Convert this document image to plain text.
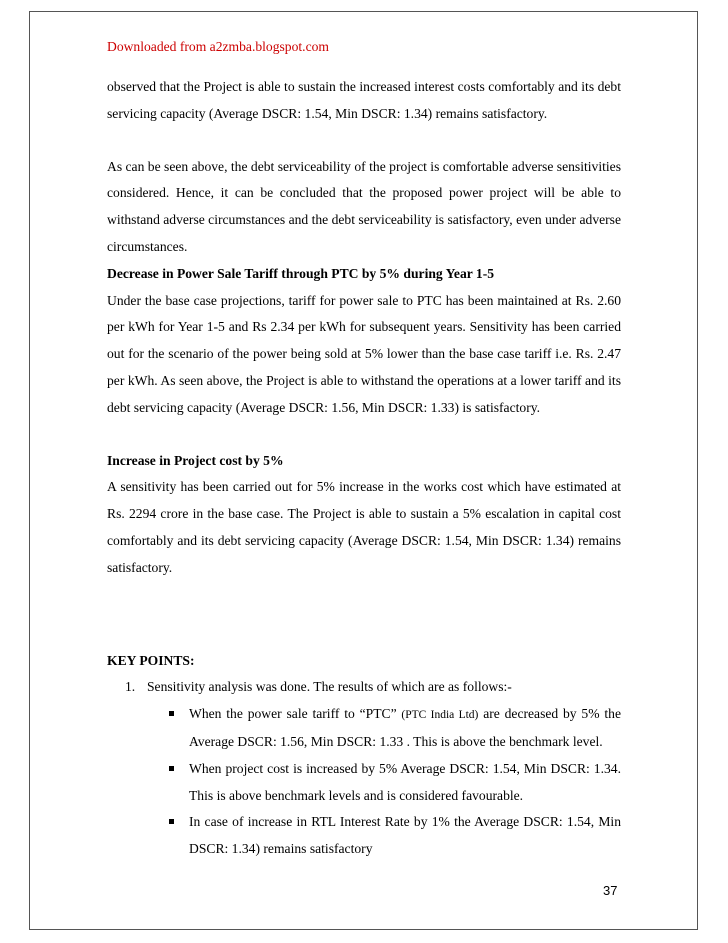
Downloaded from a2zmba.blogspot.com

observed that the Project is able to sustain the increased interest costs comfortably and its debt servicing capacity (Average DSCR: 1.54, Min DSCR: 1.34) remains satisfactory.

As can be seen above, the debt serviceability of the project is comfortable adverse sensitivities considered. Hence, it can be concluded that the proposed power project will be able to withstand adverse circumstances and the debt serviceability is satisfactory, even under adverse circumstances.

Decrease in Power Sale Tariff through PTC by 5% during Year 1-5

Under the base case projections, tariff for power sale to PTC has been maintained at Rs. 2.60 per kWh for Year 1-5 and Rs 2.34 per kWh for subsequent years. Sensitivity has been carried out for the scenario of the power being sold at 5% lower than the base case tariff i.e. Rs. 2.47 per kWh. As seen above, the Project is able to withstand the operations at a lower tariff and its debt servicing capacity (Average DSCR: 1.56, Min DSCR: 1.33) is satisfactory.

Increase in Project cost by 5%

A sensitivity has been carried out for 5% increase in the works cost which have estimated at Rs. 2294 crore in the base case. The Project is able to sustain a 5% escalation in capital cost comfortably and its debt servicing capacity (Average DSCR: 1.54, Min DSCR: 1.34) remains satisfactory.

KEY POINTS:
1. Sensitivity analysis was done. The results of which are as follows:-
When the power sale tariff to “PTC” (PTC India Ltd) are decreased by 5% the Average DSCR: 1.56, Min DSCR: 1.33 . This is above the benchmark level.
When project cost is increased by 5% Average DSCR: 1.54, Min DSCR: 1.34. This is above benchmark levels and is considered favourable.
In case of increase in RTL Interest Rate by 1% the Average DSCR: 1.54, Min DSCR: 1.34) remains satisfactory
37
